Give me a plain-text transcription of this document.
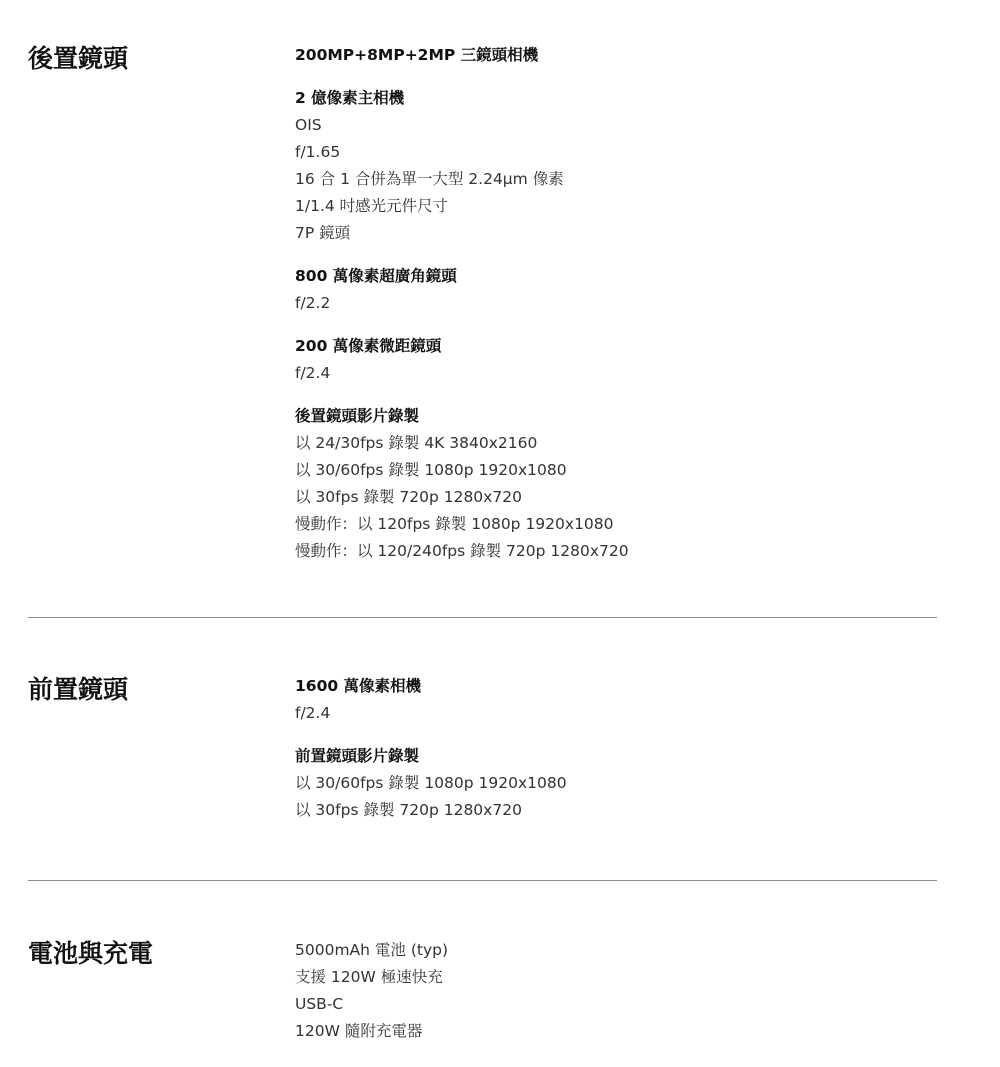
後置鏡頭	200MP+8MP+2MP 三鏡頭相機
2 億像素主相機
OIS
f/1.65
16 合 1 合併為單一大型 2.24μm 像素
1/1.4 吋感光元件尺寸
7P 鏡頭
800 萬像素超廣角鏡頭
f/2.2
200 萬像素微距鏡頭
f/2.4
後置鏡頭影片錄製
以 24/30fps 錄製 4K 3840x2160
以 30/60fps 錄製 1080p 1920x1080
以 30fps 錄製 720p 1280x720
慢動作：以 120fps 錄製 1080p 1920x1080
慢動作：以 120/240fps 錄製 720p 1280x720
前置鏡頭	1600 萬像素相機
f/2.4
前置鏡頭影片錄製
以 30/60fps 錄製 1080p 1920x1080
以 30fps 錄製 720p 1280x720
電池與充電	5000mAh 電池 (typ)
支援 120W 極速快充
USB-C
120W 隨附充電器
